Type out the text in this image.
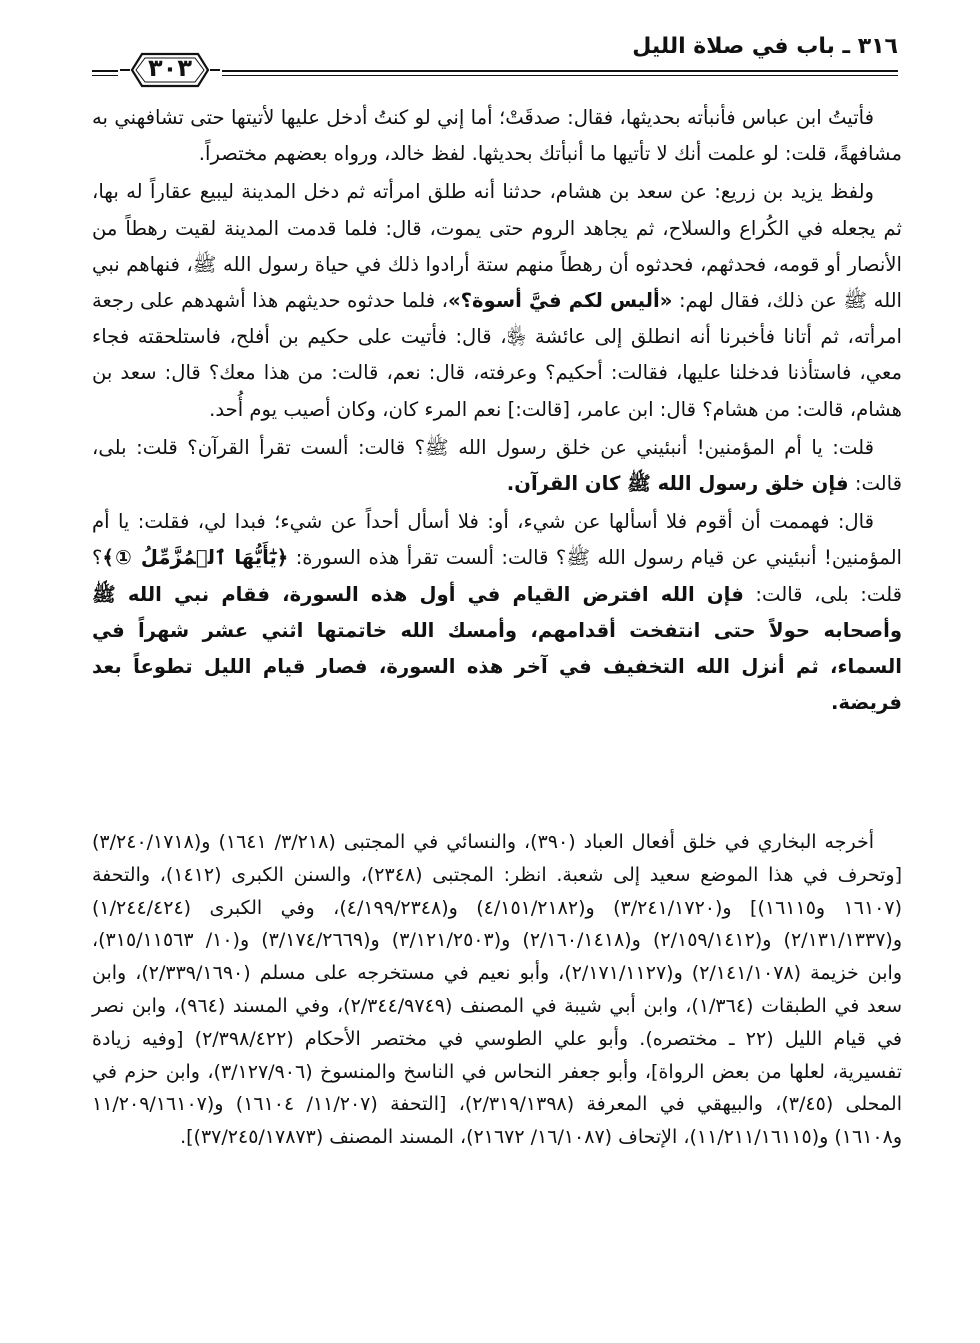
٣١٦ ـ باب في صلاة الليل
٣٠٣

فأتيتُ ابن عباس فأنبأته بحديثها، فقال: صدقَتْ؛ أما إني لو كنتُ أدخل عليها لأتيتها حتى تشافهني به مشافهةً، قلت: لو علمت أنك لا تأتيها ما أنبأتك بحديثها. لفظ خالد، ورواه بعضهم مختصراً.

ولفظ يزيد بن زريع: عن سعد بن هشام، حدثنا أنه طلق امرأته ثم دخل المدينة ليبيع عقاراً له بها، ثم يجعله في الكُراع والسلاح، ثم يجاهد الروم حتى يموت، قال: فلما قدمت المدينة لقيت رهطاً من الأنصار أو قومه، فحدثهم، فحدثوه أن رهطاً منهم ستة أرادوا ذلك في حياة رسول الله ﷺ، فنهاهم نبي الله ﷺ عن ذلك، فقال لهم: «أليس لكم فيَّ أسوة؟»، فلما حدثوه حديثهم هذا أشهدهم على رجعة امرأته، ثم أتانا فأخبرنا أنه انطلق إلى عائشة ﵂، قال: فأتيت على حكيم بن أفلح، فاستلحقته فجاء معي، فاستأذنا فدخلنا عليها، فقالت: أحكيم؟ وعرفته، قال: نعم، قالت: من هذا معك؟ قال: سعد بن هشام، قالت: من هشام؟ قال: ابن عامر، [قالت:] نعم المرء كان، وكان أصيب يوم أُحد.

قلت: يا أم المؤمنين! أنبئيني عن خلق رسول الله ﷺ؟ قالت: ألست تقرأ القرآن؟ قلت: بلى، قالت: فإن خلق رسول الله ﷺ كان القرآن.

قال: فهممت أن أقوم فلا أسألها عن شيء، أو: فلا أسأل أحداً عن شيء؛ فبدا لي، فقلت: يا أم المؤمنين! أنبئيني عن قيام رسول الله ﷺ؟ قالت: ألست تقرأ هذه السورة: ﴿يَٰٓأَيُّهَا ٱلۡمُزَّمِّلُ ①﴾؟ قلت: بلى، قالت: فإن الله افترض القيام في أول هذه السورة، فقام نبي الله ﷺ وأصحابه حولاً حتى انتفخت أقدامهم، وأمسك الله خاتمتها اثني عشر شهراً في السماء، ثم أنزل الله التخفيف في آخر هذه السورة، فصار قيام الليل تطوعاً بعد فريضة.

أخرجه البخاري في خلق أفعال العباد (٣٩٠)، والنسائي في المجتبى (٣/٢١٨/ ١٦٤١) و(٣/٢٤٠/١٧١٨) [وتحرف في هذا الموضع سعيد إلى شعبة. انظر: المجتبى (٢٣٤٨)، والسنن الكبرى (١٤١٢)، والتحفة (١٦١٠٧ و١٦١١٥)] و(٣/٢٤١/١٧٢٠) و(٤/١٥١/٢١٨٢) و(٤/١٩٩/٢٣٤٨)، وفي الكبرى (١/٢٤٤/٤٢٤) و(٢/١٣١/١٣٣٧) و(٢/١٥٩/١٤١٢) و(٢/١٦٠/١٤١٨) و(٣/١٢١/٢٥٠٣) و(٣/١٧٤/٢٦٦٩) و(١٠/ ٣١٥/١١٥٦٣)، وابن خزيمة (٢/١٤١/١٠٧٨) و(٢/١٧١/١١٢٧)، وأبو نعيم في مستخرجه على مسلم (٢/٣٣٩/١٦٩٠)، وابن سعد في الطبقات (١/٣٦٤)، وابن أبي شيبة في المصنف (٢/٣٤٤/٩٧٤٩)، وفي المسند (٩٦٤)، وابن نصر في قيام الليل (٢٢ ـ مختصره). وأبو علي الطوسي في مختصر الأحكام (٢/٣٩٨/٤٢٢) [وفيه زيادة تفسيرية، لعلها من بعض الرواة]، وأبو جعفر النحاس في الناسخ والمنسوخ (٣/١٢٧/٩٠٦)، وابن حزم في المحلى (٣/٤٥)، والبيهقي في المعرفة (٢/٣١٩/١٣٩٨)، [التحفة (١١/٢٠٧/ ١٦١٠٤) و(١١/٢٠٩/١٦١٠٧ و١٦١٠٨) و(١١/٢١١/١٦١١٥)، الإتحاف (١٦/١٠٨٧/ ٢١٦٧٢)، المسند المصنف (٣٧/٢٤٥/١٧٨٧٣)].
